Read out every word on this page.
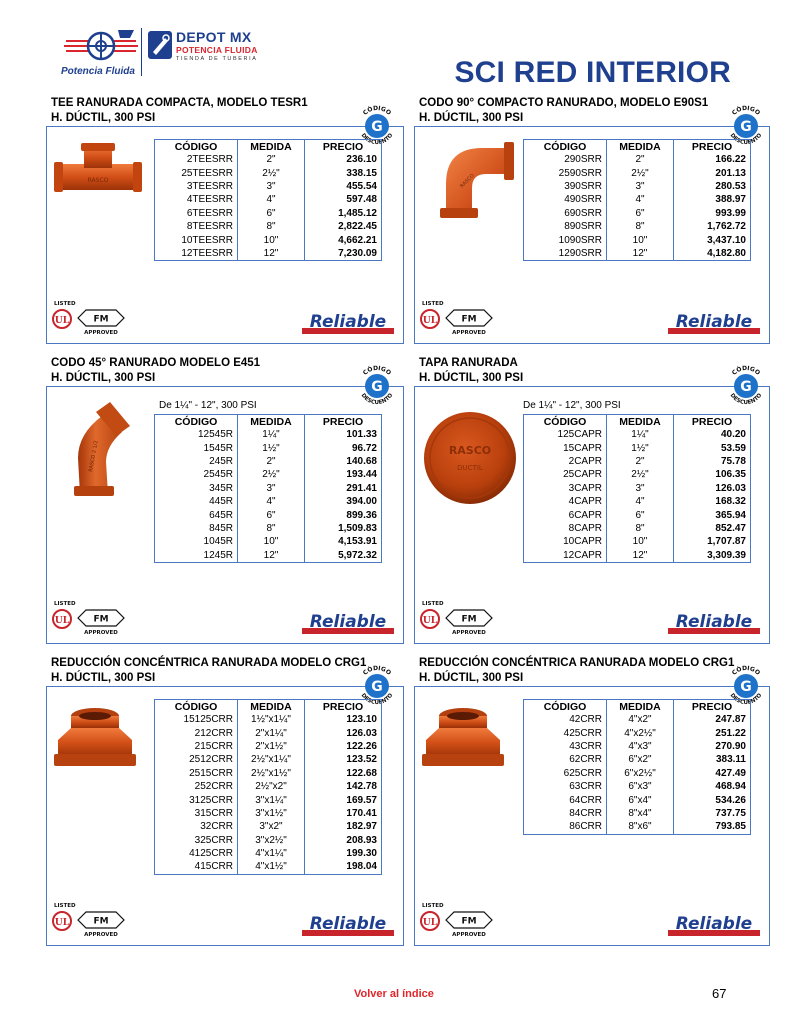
Potencia Fluida
DEPOT MX
POTENCIA FLUIDA
TIENDA DE TUBERIA	SCI RED INTERIOR
TEE RANURADA COMPACTA, MODELO TESR1
H. DÚCTIL, 300 PSI
G
CÓDIGO
DESCUENTO
RASCO
CÓDIGO	MEDIDA	PRECIO
2TEESRR	2"	236.10
25TEESRR	2½"	338.15
3TEESRR	3"	455.54
4TEESRR	4"	597.48
6TEESRR	6"	1,485.12
8TEESRR	8"	2,822.45
10TEESRR	10"	4,662.21
12TEESRR	12"	7,230.09
LISTED
UL	FM
APPROVED
Reliable
CODO 90° COMPACTO RANURADO, MODELO E90S1
H. DÚCTIL, 300 PSI
G
CÓDIGO
DESCUENTO
RASCO
CÓDIGO	MEDIDA	PRECIO
290SRR	2"	166.22
2590SRR	2½"	201.13
390SRR	3"	280.53
490SRR	4"	388.97
690SRR	6"	993.99
890SRR	8"	1,762.72
1090SRR	10"	3,437.10
1290SRR	12"	4,182.80
LISTED
UL	FM
APPROVED
Reliable
CODO 45° RANURADO MODELO E451
H. DÚCTIL, 300 PSI
G
CÓDIGO
DESCUENTO
RASCO 2 1/2
De 1¼" - 12", 300 PSI
CÓDIGO	MEDIDA	PRECIO
12545R	1¼"	101.33
1545R	1½"	96.72
245R	2"	140.68
2545R	2½"	193.44
345R	3"	291.41
445R	4"	394.00
645R	6"	899.36
845R	8"	1,509.83
1045R	10"	4,153.91
1245R	12"	5,972.32
LISTED
UL	FM
APPROVED
Reliable
TAPA RANURADA
H. DÚCTIL, 300 PSI
G
CÓDIGO
DESCUENTO
RASCO
DUCTIL
De 1¼" - 12", 300 PSI
CÓDIGO	MEDIDA	PRECIO
125CAPR	1¼"	40.20
15CAPR	1½"	53.59
2CAPR	2"	75.78
25CAPR	2½"	106.35
3CAPR	3"	126.03
4CAPR	4"	168.32
6CAPR	6"	365.94
8CAPR	8"	852.47
10CAPR	10"	1,707.87
12CAPR	12"	3,309.39
LISTED
UL	FM
APPROVED
Reliable
REDUCCIÓN CONCÉNTRICA RANURADA MODELO CRG1
H. DÚCTIL, 300 PSI
G
CÓDIGO
DESCUENTO
CÓDIGO	MEDIDA	PRECIO
15125CRR	1½"x1¼"	123.10
212CRR	2"x1¼"	126.03
215CRR	2"x1½"	122.26
2512CRR	2½"x1¼"	123.52
2515CRR	2½"x1½"	122.68
252CRR	2½"x2"	142.78
3125CRR	3"x1¼"	169.57
315CRR	3"x1½"	170.41
32CRR	3"x2"	182.97
325CRR	3"x2½"	208.93
4125CRR	4"x1¼"	199.30
415CRR	4"x1½"	198.04
LISTED
UL	FM
APPROVED
Reliable
REDUCCIÓN CONCÉNTRICA RANURADA MODELO CRG1
H. DÚCTIL, 300 PSI
G
CÓDIGO
DESCUENTO
CÓDIGO	MEDIDA	PRECIO
42CRR	4"x2"	247.87
425CRR	4"x2½"	251.22
43CRR	4"x3"	270.90
62CRR	6"x2"	383.11
625CRR	6"x2½"	427.49
63CRR	6"x3"	468.94
64CRR	6"x4"	534.26
84CRR	8"x4"	737.75
86CRR	8"x6"	793.85
LISTED
UL	FM
APPROVED
Reliable
Volver al índice	67
